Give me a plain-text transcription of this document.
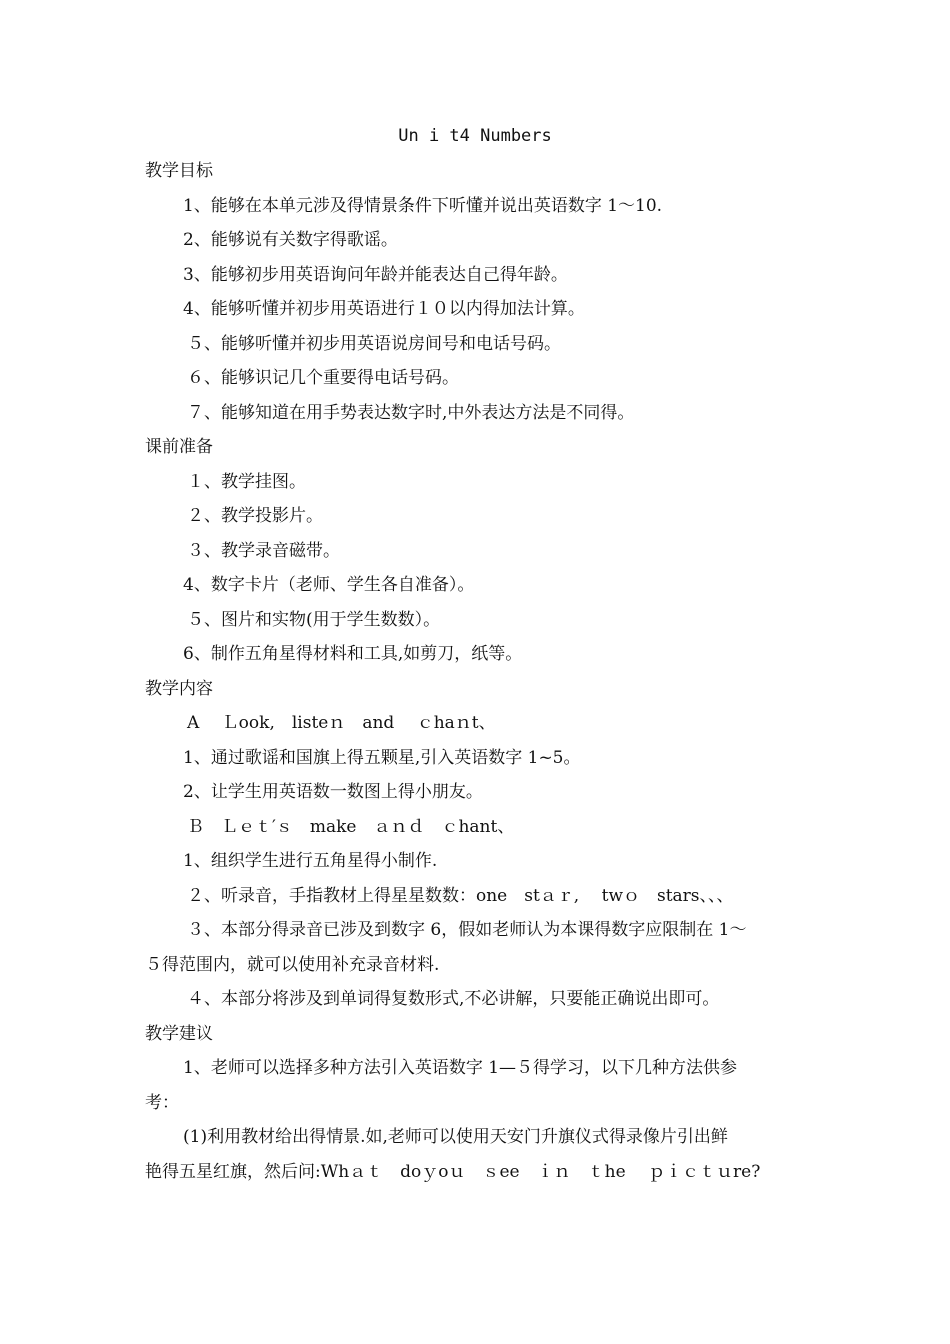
Un i t4 Numbers
教学目标
1、能够在本单元涉及得情景条件下听懂并说出英语数字 1～10.
2、能够说有关数字得歌谣。
3、能够初步用英语询问年龄并能表达自己得年龄。
4、能够听懂并初步用英语进行１０以内得加法计算。
５、能够听懂并初步用英语说房间号和电话号码。
６、能够识记几个重要得电话号码。
７、能够知道在用手势表达数字时,中外表达方法是不同得。
课前准备
１、教学挂图。
２、教学投影片。
３、教学录音磁带。
4、数字卡片（老师、学生各自准备）。
５、图片和实物(用于学生数数）。
6、制作五角星得材料和工具,如剪刀，纸等。
教学内容
A　 Ｌook,　listeｎ　and　 ｃhaｎt、
1、通过歌谣和国旗上得五颗星,引入英语数字 1~5。
2、让学生用英语数一数图上得小朋友。
Ｂ　Ｌｅｔ′ｓ　make　ａｎｄ　ｃhant、
1、组织学生进行五角星得小制作.
２、听录音，手指教材上得星星数数：one　stａｒ,　 twｏ　stars、、、
３、本部分得录音已涉及到数字 6，假如老师认为本课得数字应限制在 1～
５得范围内，就可以使用补充录音材料.
４、本部分将涉及到单词得复数形式,不必讲解，只要能正确说出即可。
教学建议
1、老师可以选择多种方法引入英语数字 1—５得学习，以下几种方法供参
考：
(1)利用教材给出得情景.如,老师可以使用天安门升旗仪式得录像片引出鲜
艳得五星红旗，然后问:Whａｔ　doｙoｕ　ｓee　ｉｎ　ｔhe　 ｐｉｃｔｕre?
